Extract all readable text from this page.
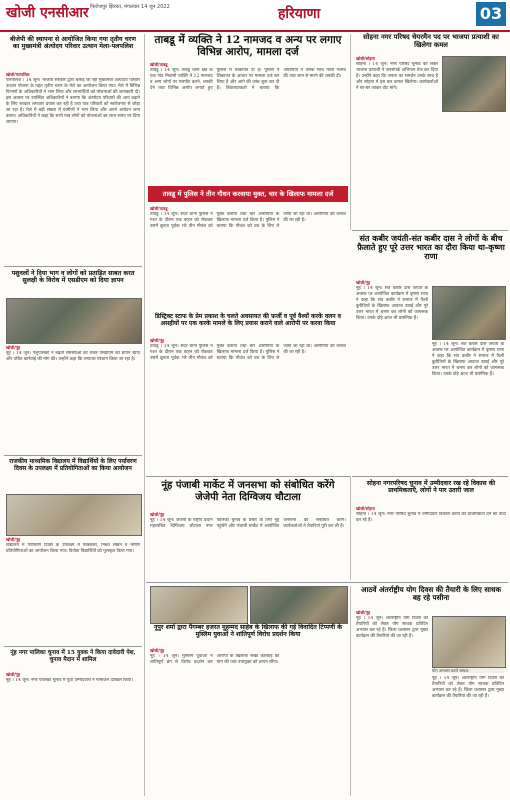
खोजी एनसीआर फिरोजपुर झिरका, मंगलवार 14 जून 2022	हरियाणा	03
बीजेपी की स्थापना से आयोजित किया गया तृतीय चरण का मुख्यमंत्री अंत्योदय परिवार उत्थान मेला-पलपलिश
खोजी/पलपलिश
पलपलिश । 14 जून। भाजपा सरकार द्वारा चलाई जा रही मुख्यमंत्री अंत्योदय परिवार उत्थान योजना के तहत तृतीय चरण के मेले का आयोजन किया गया। मेले में विभिन्न विभागों के अधिकारियों ने भाग लिया और लाभार्थियों को योजनाओं की जानकारी दी। इस अवसर पर उपस्थित अधिकारियों ने बताया कि अंत्योदय परिवारों की आय बढ़ाने के लिए सरकार लगातार प्रयास कर रही है तथा पात्र परिवारों को स्वरोजगार से जोड़ा जा रहा है। मेले में बड़ी संख्या में ग्रामीणों ने भाग लिया और अपने आवेदन जमा कराए। अधिकारियों ने कहा कि सभी पात्र लोगों को योजनाओं का लाभ समय पर दिया जाएगा।
पशुवलों ने दिया भाग व लोगों को प्रताड़ित साबत करत सुलक्षी के विरोध में एसडीएम को दिया ज्ञापन
खोजी/नूंह
नूंह । 14 जून। पशुपालकों ने बढ़ती समस्याओं को लेकर एसडीएम को ज्ञापन सौंपा और उचित कार्रवाई की मांग की। उन्होंने कहा कि लगातार परेशान किया जा रहा है।
राजकीय माध्यमिक विद्यालय में विद्यार्थियों के लिए पर्यावरण दिवस के उपलक्ष्य में प्रतियोगिताओं का किया आयोजन
खोजी/नूंह
विद्यालय में पर्यावरण दिवस के उपलक्ष्य में चित्रकला, निबंध लेखन व भाषण प्रतियोगिताओं का आयोजन किया गया। विजेता विद्यार्थियों को पुरस्कृत किया गया।
नूंह नगर पालिका चुनाव में 15 युवक ने किया दावेदारी पेश, चुनाव मैदान में शामिल
खोजी/नूंह
नूंह । 14 जून। नगर पालिका चुनाव में युवा उम्मीदवारों ने नामांकन दाखिल किया।
ताबडू में व्यक्ति ने 12 नामजद व अन्य पर लगाए विभिन्न आरोप, मामला दर्ज
खोजी/ताबडू
ताबडू । 14 जून। ताबडू थाना क्षेत्र के एक गांव निवासी व्यक्ति ने 12 नामजद व अन्य लोगों पर मारपीट करने, धमकी देने तथा विभिन्न आरोप लगाते हुए पुलिस में शिकायत दी है। पुलिस ने शिकायत के आधार पर मामला दर्ज कर लिया है और आगे की जांच शुरू कर दी है। शिकायतकर्ता ने बताया कि आरोपियों ने उसके साथ गाली गलौच की तथा जान से मारने की धमकी दी।
तावडू में पुलिस ने तीन गौधन करवाया मुक्त, चार के खिलाफ मामला दर्ज
खोजी/तावडू
तावडू । 14 जून। सदर थाना पुलिस ने गश्त के दौरान एक वाहन को रोककर उसमें क्रूरता पूर्वक भरे तीन गौवंश को मुक्त कराया तथा चार आरोपियों के खिलाफ मामला दर्ज किया है। पुलिस ने बताया कि गौवंश को वध के लिए ले जाया जा रहा था। आरोपियों की तलाश की जा रही है।
डिस्ट्रिक्ट स्टाफ के प्रेम प्रकाश के चलते अवसायत की फ़र्जी व पूर्व वैश्यों करके वलन व असहीयों पर एक करके मामले के लिए प्रयास कराने वाले आरोपी पर करवा किया
खोजी/नूंह
तावडू । 14 जून। सदर थाना पुलिस ने गश्त के दौरान एक वाहन को रोककर उसमें क्रूरता पूर्वक भरे तीन गौवंश को मुक्त कराया तथा चार आरोपियों के खिलाफ मामला दर्ज किया है। पुलिस ने बताया कि गौवंश को वध के लिए ले जाया जा रहा था। आरोपियों की तलाश की जा रही है।
सोहना नगर परिषद चेयरमैन पद पर भाजपा प्रत्याशी का खिलेगा कमल
खोजी/सोहना
सोहना । 14 जून। नगर परिषद चुनाव को लेकर भाजपा प्रत्याशी ने जनसंपर्क अभियान तेज कर दिया है। उन्होंने कहा कि जनता का समर्थन उनके साथ है और सोहना में इस बार कमल खिलेगा। कार्यकर्ताओं ने घर-घर जाकर वोट मांगे।
संत कबीर जयंती-संत कबीर दास ने लोगों के बीच फ़ैलाते हुए पूरे उत्तर भारत का दौरा किया था-कृष्णा राणा
खोजी/नूंह
नूंह । 14 जून। संत कबीर दास जयंती के अवसर पर आयोजित कार्यक्रम में कृष्णा राणा ने कहा कि संत कबीर ने समाज में फैली कुरीतियों के खिलाफ आवाज उठाई और पूरे उत्तर भारत में भ्रमण कर लोगों को जागरूक किया। उनके दोहे आज भी प्रासंगिक हैं।
नूंह । 14 जून। संत कबीर दास जयंती के अवसर पर आयोजित कार्यक्रम में कृष्णा राणा ने कहा कि संत कबीर ने समाज में फैली कुरीतियों के खिलाफ आवाज उठाई और पूरे उत्तर भारत में भ्रमण कर लोगों को जागरूक किया। उनके दोहे आज भी प्रासंगिक हैं।
नूंह पंजाबी मार्केट में जनसभा को संबोधित करेंगे जेजेपी नेता दिग्विजय चौटाला
खोजी/नूंह
नूंह । 14 जून। जेजेपी के राष्ट्रीय प्रधान महासचिव दिग्विजय चौटाला नगर पालिका चुनाव के प्रचार के लिए नूंह पहुंचेंगे और पंजाबी मार्केट में आयोजित जनसभा को संबोधित करेंगे। कार्यकर्ताओं ने तैयारियां पूरी कर ली हैं।
सोहना नगरपरिषद चुनाव में उम्मीदवार रख रहे विकास की प्राथमिकताएँ, लोगों ने पार उतारी जाल
खोजी/सोहना
सोहना । 14 जून। नगर परिषद चुनाव में उम्मीदवार विकास कार्यों को प्राथमिकता देने का वादा कर रहे हैं।
नूपुर शर्मा द्वारा पैगम्बर हजरत मुहम्मद साहेब के खिलाफ की गई विवादित टिप्पणी के मुस्लिम युवाओं ने शांतिपूर्ण विरोध प्रदर्शन किया
खोजी/नूंह
नूंह । 14 जून। मुस्लिम युवाओं ने शांतिपूर्ण ढंग से विरोध प्रदर्शन कर आरोपी के खिलाफ सख्त कार्रवाई की मांग की तथा उपायुक्त को ज्ञापन सौंपा।
आठवें अंतर्राष्ट्रीय योग दिवस की तैयारी के लिए साधक बह रहे पसीना
खोजी/नूंह
नूंह । 14 जून। अंतर्राष्ट्रीय योग दिवस की तैयारियों को लेकर योग साधक प्रतिदिन अभ्यास कर रहे हैं। जिला प्रशासन द्वारा मुख्य कार्यक्रम की तैयारियां की जा रही हैं।
योग अभ्यास करते साधक
नूंह । 14 जून। अंतर्राष्ट्रीय योग दिवस की तैयारियों को लेकर योग साधक प्रतिदिन अभ्यास कर रहे हैं। जिला प्रशासन द्वारा मुख्य कार्यक्रम की तैयारियां की जा रही हैं।
